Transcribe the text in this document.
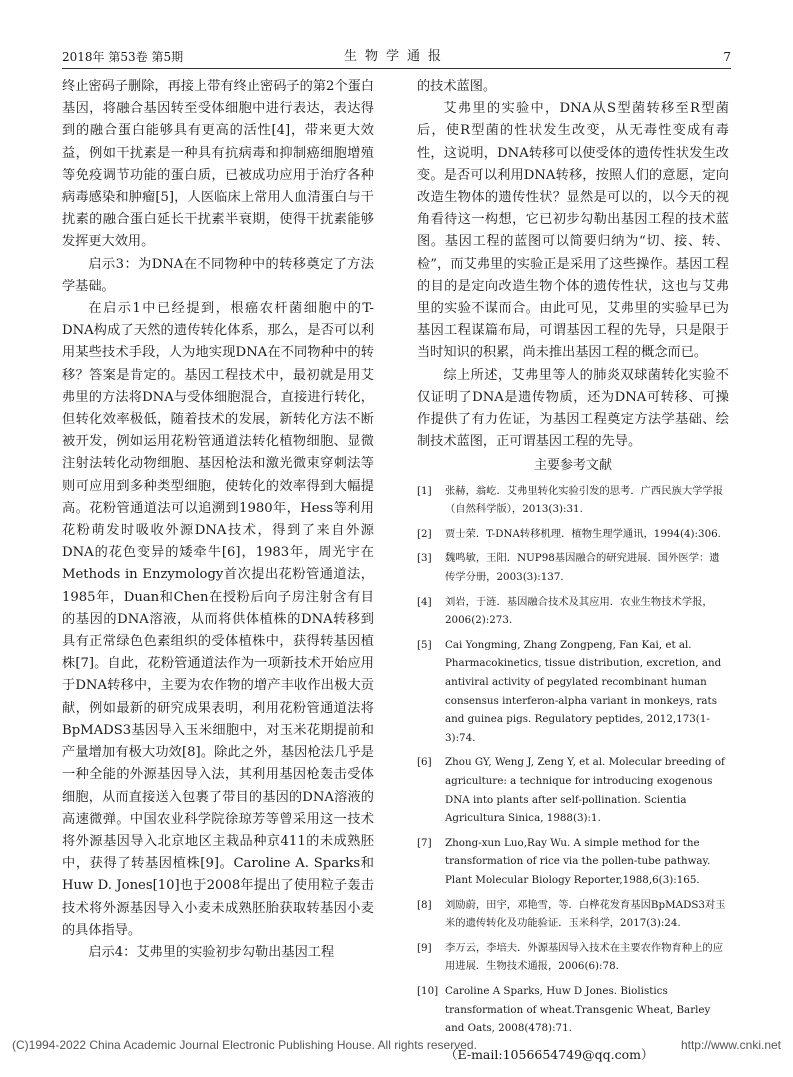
2018年 第53卷 第5期	生物学通报	7

终止密码子删除，再接上带有终止密码子的第2个蛋白基因，将融合基因转至受体细胞中进行表达，表达得到的融合蛋白能够具有更高的活性[4]，带来更大效益，例如干扰素是一种具有抗病毒和抑制癌细胞增殖等免疫调节功能的蛋白质，已被成功应用于治疗各种病毒感染和肿瘤[5]，人医临床上常用人血清蛋白与干扰素的融合蛋白延长干扰素半衰期，使得干扰素能够发挥更大效用。

启示3：为DNA在不同物种中的转移奠定了方法学基础。

在启示1中已经提到，根癌农杆菌细胞中的T-DNA构成了天然的遗传转化体系，那么，是否可以利用某些技术手段，人为地实现DNA在不同物种中的转移？答案是肯定的。基因工程技术中，最初就是用艾弗里的方法将DNA与受体细胞混合，直接进行转化，但转化效率极低，随着技术的发展，新转化方法不断被开发，例如运用花粉管通道法转化植物细胞、显微注射法转化动物细胞、基因枪法和激光微束穿刺法等则可应用到多种类型细胞，使转化的效率得到大幅提高。花粉管通道法可以追溯到1980年，Hess等利用花粉萌发时吸收外源DNA技术，得到了来自外源DNA的花色变异的矮牵牛[6]，1983年，周光宇在Methods in Enzymology首次提出花粉管通道法，1985年，Duan和Chen在授粉后向子房注射含有目的基因的DNA溶液，从而将供体植株的DNA转移到具有正常绿色色素组织的受体植株中，获得转基因植株[7]。自此，花粉管通道法作为一项新技术开始应用于DNA转移中，主要为农作物的增产丰收作出极大贡献，例如最新的研究成果表明，利用花粉管通道法将BpMADS3基因导入玉米细胞中，对玉米花期提前和产量增加有极大功效[8]。除此之外，基因枪法几乎是一种全能的外源基因导入法，其利用基因枪轰击受体细胞，从而直接送入包裹了带目的基因的DNA溶液的高速微弹。中国农业科学院徐琼芳等曾采用这一技术将外源基因导入北京地区主栽品种京411的未成熟胚中，获得了转基因植株[9]。Caroline A. Sparks和Huw D. Jones[10]也于2008年提出了使用粒子轰击技术将外源基因导入小麦未成熟胚胎获取转基因小麦的具体指导。

启示4：艾弗里的实验初步勾勒出基因工程

的技术蓝图。

艾弗里的实验中，DNA从S型菌转移至R型菌后，使R型菌的性状发生改变，从无毒性变成有毒性，这说明，DNA转移可以使受体的遗传性状发生改变。是否可以利用DNA转移，按照人们的意愿，定向改造生物体的遗传性状？显然是可以的，以今天的视角看待这一构想，它已初步勾勒出基因工程的技术蓝图。基因工程的蓝图可以简要归纳为“切、接、转、检”，而艾弗里的实验正是采用了这些操作。基因工程的目的是定向改造生物个体的遗传性状，这也与艾弗里的实验不谋而合。由此可见，艾弗里的实验早已为基因工程谋篇布局，可谓基因工程的先导，只是限于当时知识的积累，尚未推出基因工程的概念而已。

综上所述，艾弗里等人的肺炎双球菌转化实验不仅证明了DNA是遗传物质，还为DNA可转移、可操作提供了有力佐证，为基因工程奠定方法学基础、绘制技术蓝图，正可谓基因工程的先导。

主要参考文献
[1] 张赫，翁屹．艾弗里转化实验引发的思考．广西民族大学学报（自然科学版），2013(3):31.
[2] 贾士荣．T-DNA转移机理．植物生理学通讯，1994(4):306.
[3] 魏鸣敏，王阳．NUP98基因融合的研究进展．国外医学：遗传学分册，2003(3):137.
[4] 刘岩，于涟．基因融合技术及其应用．农业生物技术学报，2006(2):273.
[5] Cai Yongming, Zhang Zongpeng, Fan Kai, et al. Pharmacokinetics, tissue distribution, excretion, and antiviral activity of pegylated recombinant human consensus interferon-alpha variant in monkeys, rats and guinea pigs. Regulatory peptides, 2012,173(1-3):74.
[6] Zhou GY, Weng J, Zeng Y, et al. Molecular breeding of agriculture: a technique for introducing exogenous DNA into plants after self-pollination. Scientia Agricultura Sinica, 1988(3):1.
[7] Zhong-xun Luo,Ray Wu. A simple method for the transformation of rice via the pollen-tube pathway. Plant Molecular Biology Reporter,1988,6(3):165.
[8] 刘励蔚，田宇，邓艳雪，等．白桦花发育基因BpMADS3对玉米的遗传转化及功能验证．玉米科学，2017(3):24.
[9] 李万云，李培夫．外源基因导入技术在主要农作物育种上的应用进展．生物技术通报，2006(6):78.
[10] Caroline A Sparks, Huw D Jones. Biolistics transformation of wheat.Transgenic Wheat, Barley and Oats, 2008(478):71.
（E-mail:1056654749@qq.com）
(C)1994-2022 China Academic Journal Electronic Publishing House. All rights reserved.	http://www.cnki.net
